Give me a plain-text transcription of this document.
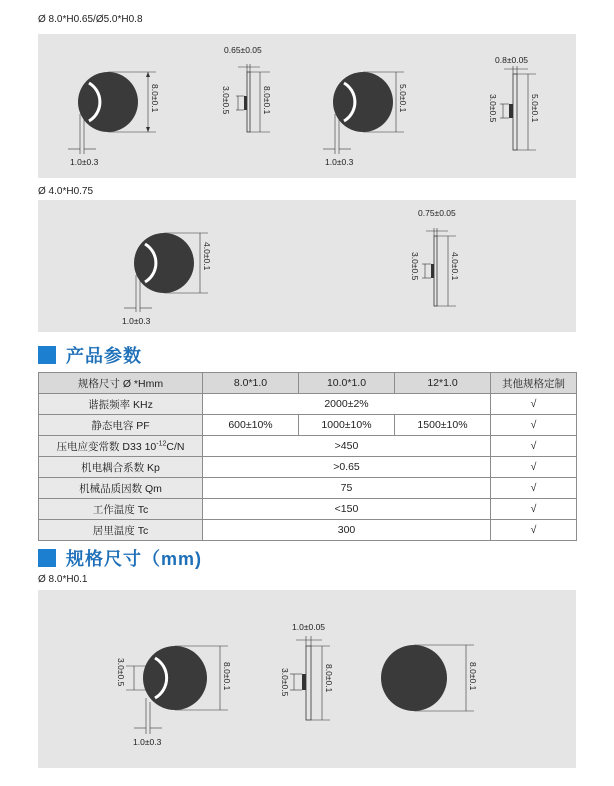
Ø 8.0*H0.65/Ø5.0*H0.8
8.0±0.1
1.0±0.3
0.65±0.05
3.0±0.5	8.0±0.1	5.0±0.1
1.0±0.3
0.8±0.05
3.0±0.5	5.0±0.1
Ø 4.0*H0.75
4.0±0.1
1.0±0.3
0.75±0.05
3.0±0.5	4.0±0.1
产品参数
规格尺寸 Ø *Hmm	8.0*1.0	10.0*1.0	12*1.0	其他规格定制
谐振频率 KHz	2000±2%			√
静态电容 PF	600±10%	1000±10%	1500±10%	√
压电应变常数 D33 $10^{-12}C/N$	>450			√
机电耦合系数 Kp	>0.65			√
机械品质因数 Qm	75			√
工作温度 Tc	<150			√
居里温度 Tc	300			√
规格尺寸（mm)
Ø 8.0*H0.1
3.0±0.5	8.0±0.1
1.0±0.3
1.0±0.05
3.0±0.5	8.0±0.1	8.0±0.1
